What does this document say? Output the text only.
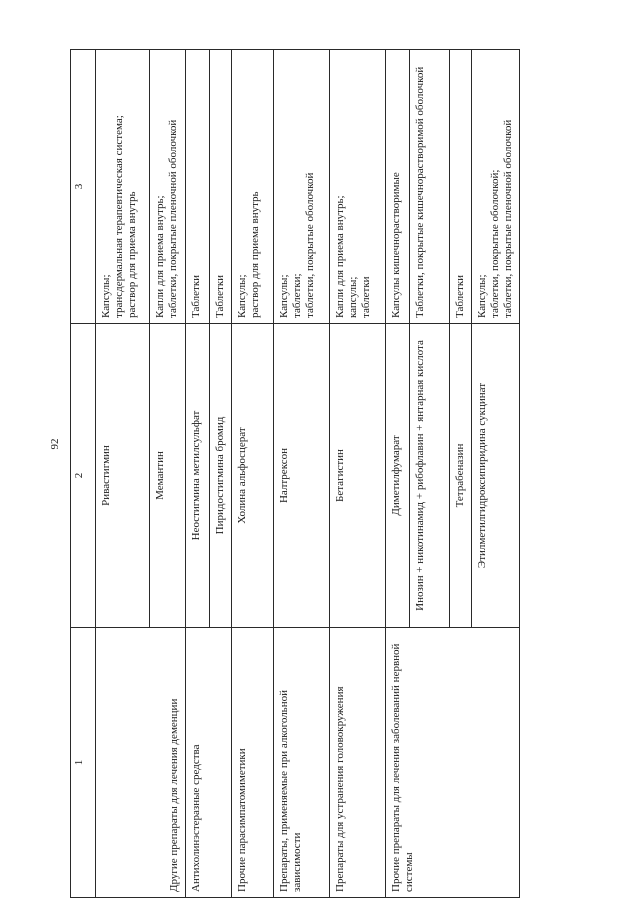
92
1	2	3
Другие препараты для лечения деменции	Ривастигмин	Капсулы; трансдермальная терапевтическая система; раствор для приема внутрь

	Мемантин	Капли для приема внутрь; таблетки, покрытые пленочной оболочкой

Антихолинэстеразные средства	Неостигмина метилсульфат	Таблетки

	Пиридостигмина бромид	Таблетки

Прочие парасимпатомиметики	Холина альфосцерат	Капсулы; раствор для приема внутрь

Препараты, применяемые при алкогольной зависимости	Налтрексон	Капсулы; таблетки; таблетки, покрытые оболочкой

Препараты для устранения головокружения	Бетагистин	Капли для приема внутрь; капсулы; таблетки

Прочие препараты для лечения заболеваний нервной системы	Диметилфумарат	Капсулы кишечнорастворимые

	Инозин + никотинамид + рибофлавин + янтарная кислота	Таблетки, покрытые кишечнорастворимой оболочкой

	Тетрабеназин	Таблетки

	Этилметилгидроксипиридина сукцинат	Капсулы; таблетки, покрытые оболочкой; таблетки, покрытые пленочной оболочкой
